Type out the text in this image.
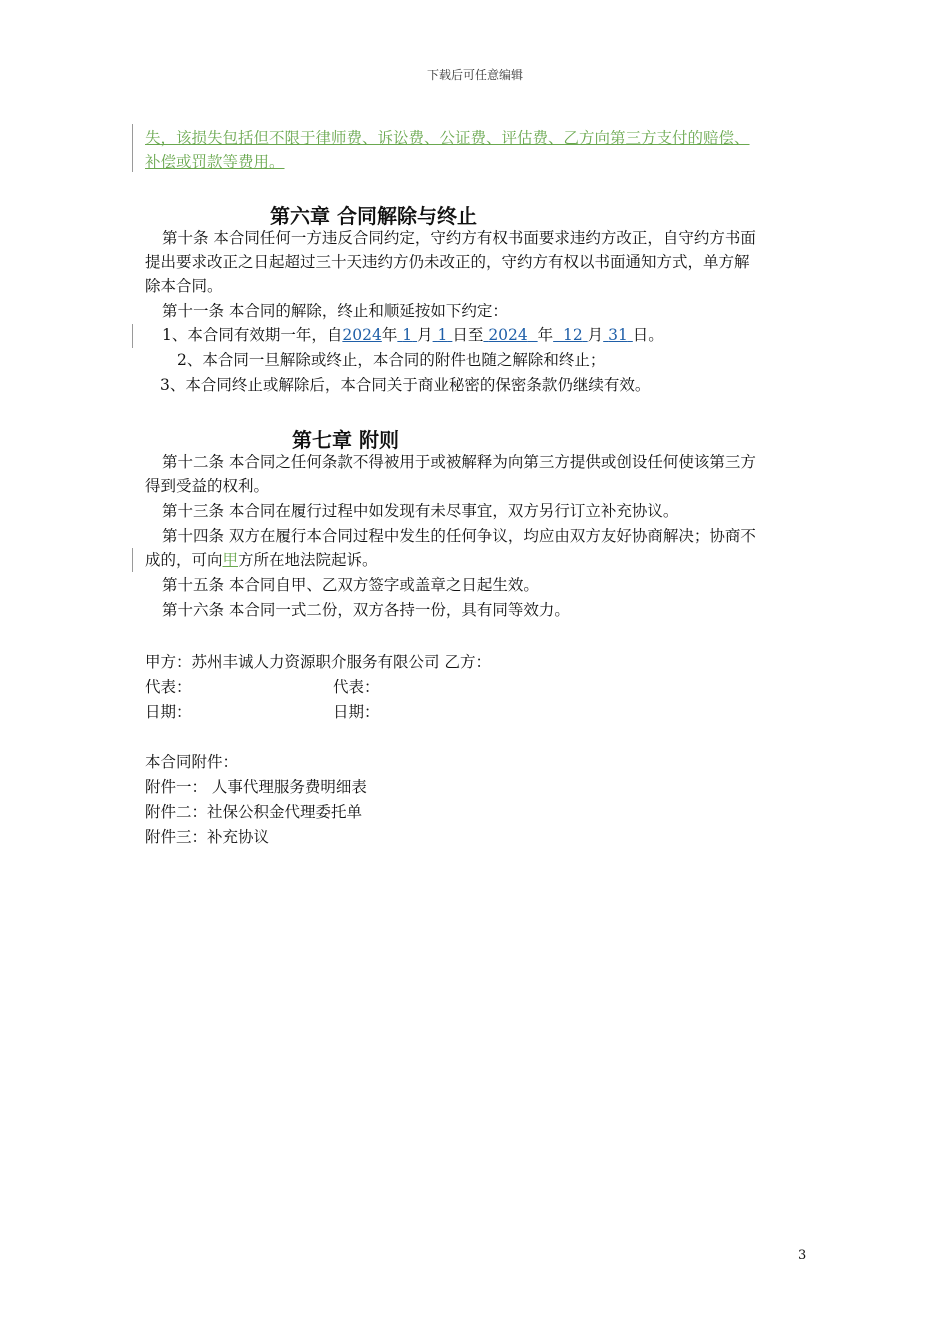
下载后可任意编辑
失，该损失包括但不限于律师费、诉讼费、公证费、评估费、乙方向第三方支付的赔偿、
补偿或罚款等费用。
第六章 合同解除与终止
第十条 本合同任何一方违反合同约定，守约方有权书面要求违约方改正，自守约方书面
提出要求改正之日起超过三十天违约方仍未改正的，守约方有权以书面通知方式，单方解
除本合同。
第十一条 本合同的解除，终止和顺延按如下约定：
1、本合同有效期一年，自2024年 1 月 1 日至 2024 年 12 月 31 日。
2、本合同一旦解除或终止，本合同的附件也随之解除和终止；
3、本合同终止或解除后，本合同关于商业秘密的保密条款仍继续有效。
第七章 附则
第十二条 本合同之任何条款不得被用于或被解释为向第三方提供或创设任何使该第三方
得到受益的权利。
第十三条 本合同在履行过程中如发现有未尽事宜，双方另行订立补充协议。
第十四条 双方在履行本合同过程中发生的任何争议，均应由双方友好协商解决；协商不
成的，可向甲方所在地法院起诉。
第十五条 本合同自甲、乙双方签字或盖章之日起生效。
第十六条 本合同一式二份，双方各持一份，具有同等效力。
甲方：苏州丰诚人力资源职介服务有限公司 乙方：
代表：	代表：
日期：	日期：
本合同附件：
附件一： 人事代理服务费明细表
附件二：社保公积金代理委托单
附件三：补充协议
3
